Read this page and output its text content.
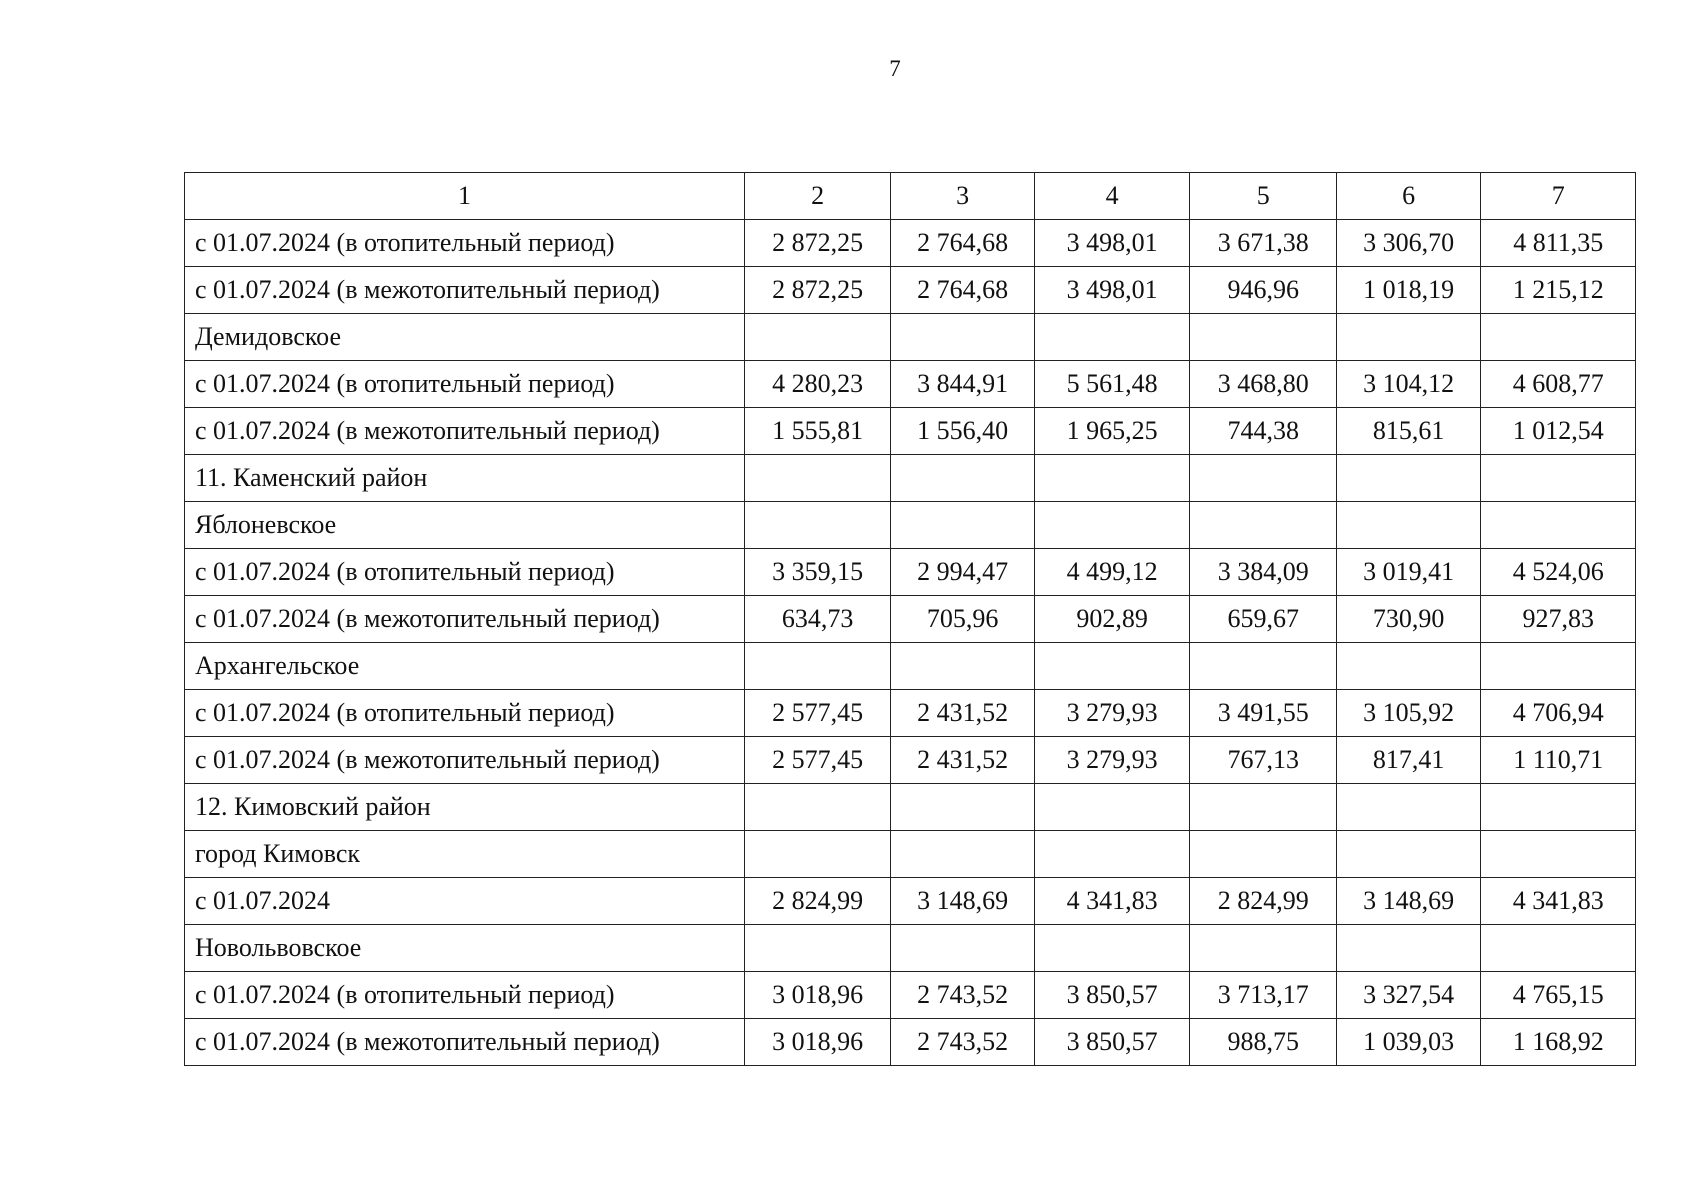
7
1	2	3	4	5	6	7
с 01.07.2024 (в отопительный период)	2 872,25	2 764,68	3 498,01	3 671,38	3 306,70	4 811,35
с 01.07.2024 (в межотопительный период)	2 872,25	2 764,68	3 498,01	946,96	1 018,19	1 215,12
Демидовское						
с 01.07.2024 (в отопительный период)	4 280,23	3 844,91	5 561,48	3 468,80	3 104,12	4 608,77
с 01.07.2024 (в межотопительный период)	1 555,81	1 556,40	1 965,25	744,38	815,61	1 012,54
11. Каменский район						
Яблоневское						
с 01.07.2024 (в отопительный период)	3 359,15	2 994,47	4 499,12	3 384,09	3 019,41	4 524,06
с 01.07.2024 (в межотопительный период)	634,73	705,96	902,89	659,67	730,90	927,83
Архангельское						
с 01.07.2024 (в отопительный период)	2 577,45	2 431,52	3 279,93	3 491,55	3 105,92	4 706,94
с 01.07.2024 (в межотопительный период)	2 577,45	2 431,52	3 279,93	767,13	817,41	1 110,71
12. Кимовский район						
город Кимовск						
с 01.07.2024	2 824,99	3 148,69	4 341,83	2 824,99	3 148,69	4 341,83
Новольвовское						
с 01.07.2024 (в отопительный период)	3 018,96	2 743,52	3 850,57	3 713,17	3 327,54	4 765,15
с 01.07.2024 (в межотопительный период)	3 018,96	2 743,52	3 850,57	988,75	1 039,03	1 168,92
